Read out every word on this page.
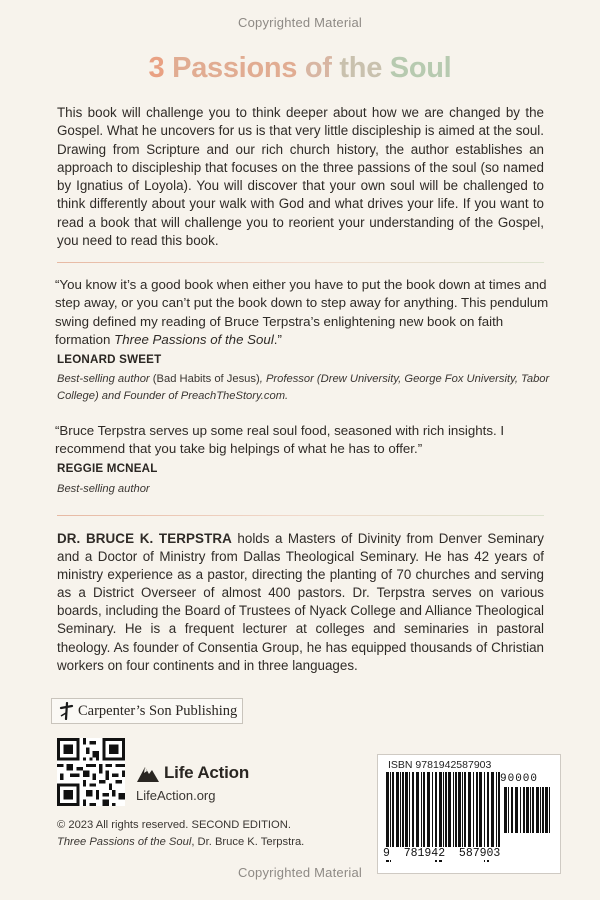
Copyrighted Material
3 Passions of the Soul
This book will challenge you to think deeper about how we are changed by the Gospel. What he uncovers for us is that very little discipleship is aimed at the soul. Drawing from Scripture and our rich church history, the author establishes an approach to discipleship that focuses on the three passions of the soul (so named by Ignatius of Loyola). You will discover that your own soul will be challenged to think differently about your walk with God and what drives your life. If you want to read a book that will challenge you to reorient your understanding of the Gospel, you need to read this book.
“You know it’s a good book when either you have to put the book down at times and step away, or you can’t put the book down to step away for anything. This pendulum swing defined my reading of Bruce Terpstra’s enlightening new book on faith formation Three Passions of the Soul.”
LEONARD SWEET
Best-selling author (Bad Habits of Jesus), Professor (Drew University, George Fox University, Tabor College) and Founder of PreachTheStory.com.
“Bruce Terpstra serves up some real soul food, seasoned with rich insights. I recommend that you take big helpings of what he has to offer.”
REGGIE MCNEAL
Best-selling author
DR. BRUCE K. TERPSTRA holds a Masters of Divinity from Denver Seminary and a Doctor of Ministry from Dallas Theological Seminary. He has 42 years of ministry experience as a pastor, directing the planting of 70 churches and serving as a District Overseer of almost 400 pastors. Dr. Terpstra serves on various boards, including the Board of Trustees of Nyack College and Alliance Theological Seminary. He is a frequent lecturer at colleges and seminaries in pastoral theology. As founder of Consentia Group, he has equipped thousands of Christian workers on four continents and in three languages.
Carpenter’s Son Publishing
Life Action
LifeAction.org
© 2023 All rights reserved. SECOND EDITION.
Three Passions of the Soul, Dr. Bruce K. Terpstra.
ISBN 9781942587903
90000
9  781942  587903
Copyrighted Material
